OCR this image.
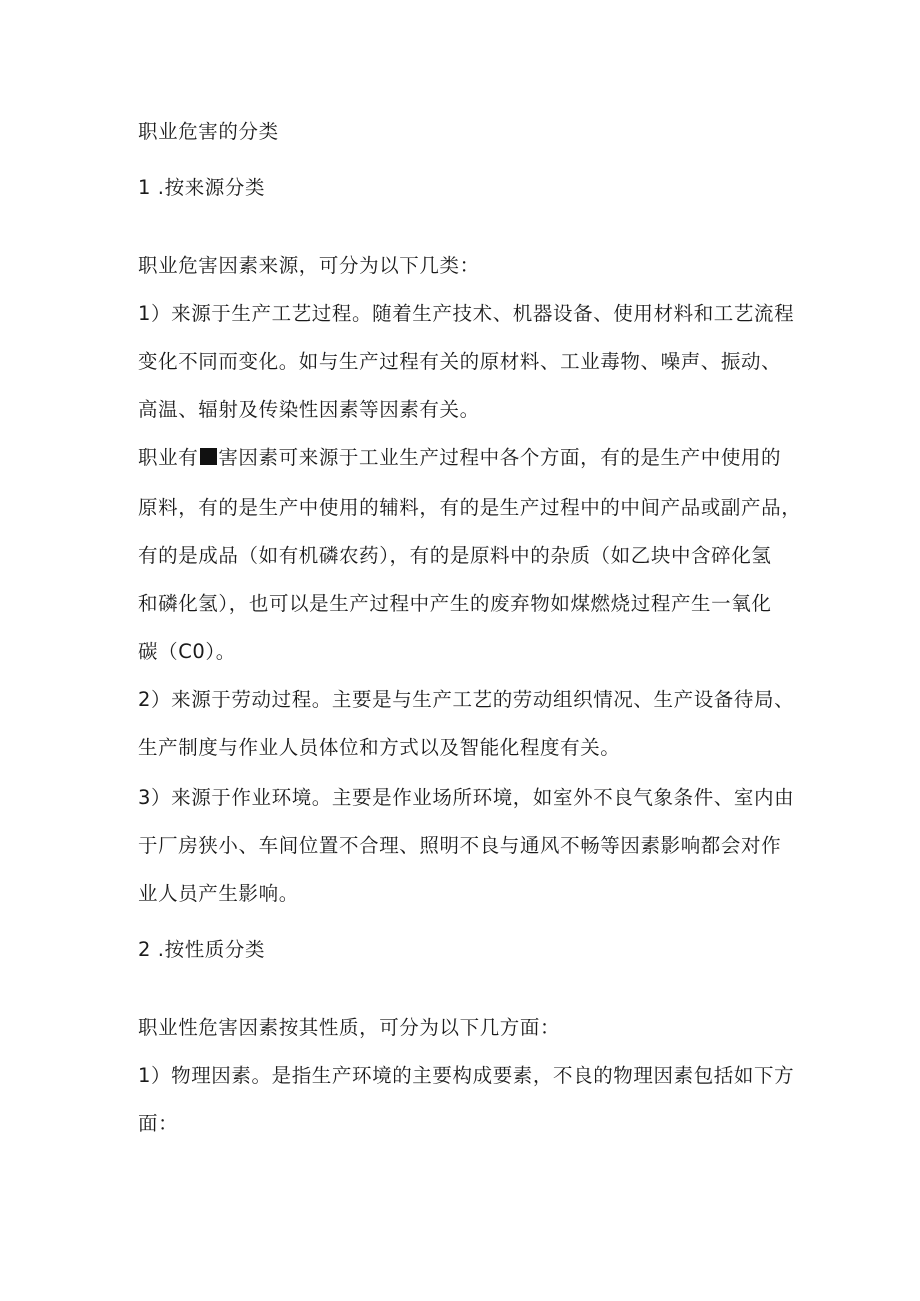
职业危害的分类
1 .按来源分类
职业危害因素来源，可分为以下几类：
1）来源于生产工艺过程。随着生产技术、机器设备、使用材料和工艺流程
变化不同而变化。如与生产过程有关的原材料、工业毒物、噪声、振动、
高温、辐射及传染性因素等因素有关。
职业有 害因素可来源于工业生产过程中各个方面，有的是生产中使用的
原料，有的是生产中使用的辅料，有的是生产过程中的中间产品或副产品，
有的是成品（如有机磷农药），有的是原料中的杂质（如乙块中含碎化氢
和磷化氢），也可以是生产过程中产生的废弃物如煤燃烧过程产生一氧化
碳（C0）。
2）来源于劳动过程。主要是与生产工艺的劳动组织情况、生产设备待局、
生产制度与作业人员体位和方式以及智能化程度有关。
3）来源于作业环境。主要是作业场所环境，如室外不良气象条件、室内由
于厂房狭小、车间位置不合理、照明不良与通风不畅等因素影响都会对作
业人员产生影响。
2 .按性质分类
职业性危害因素按其性质，可分为以下几方面：
1）物理因素。是指生产环境的主要构成要素，不良的物理因素包括如下方
面：
